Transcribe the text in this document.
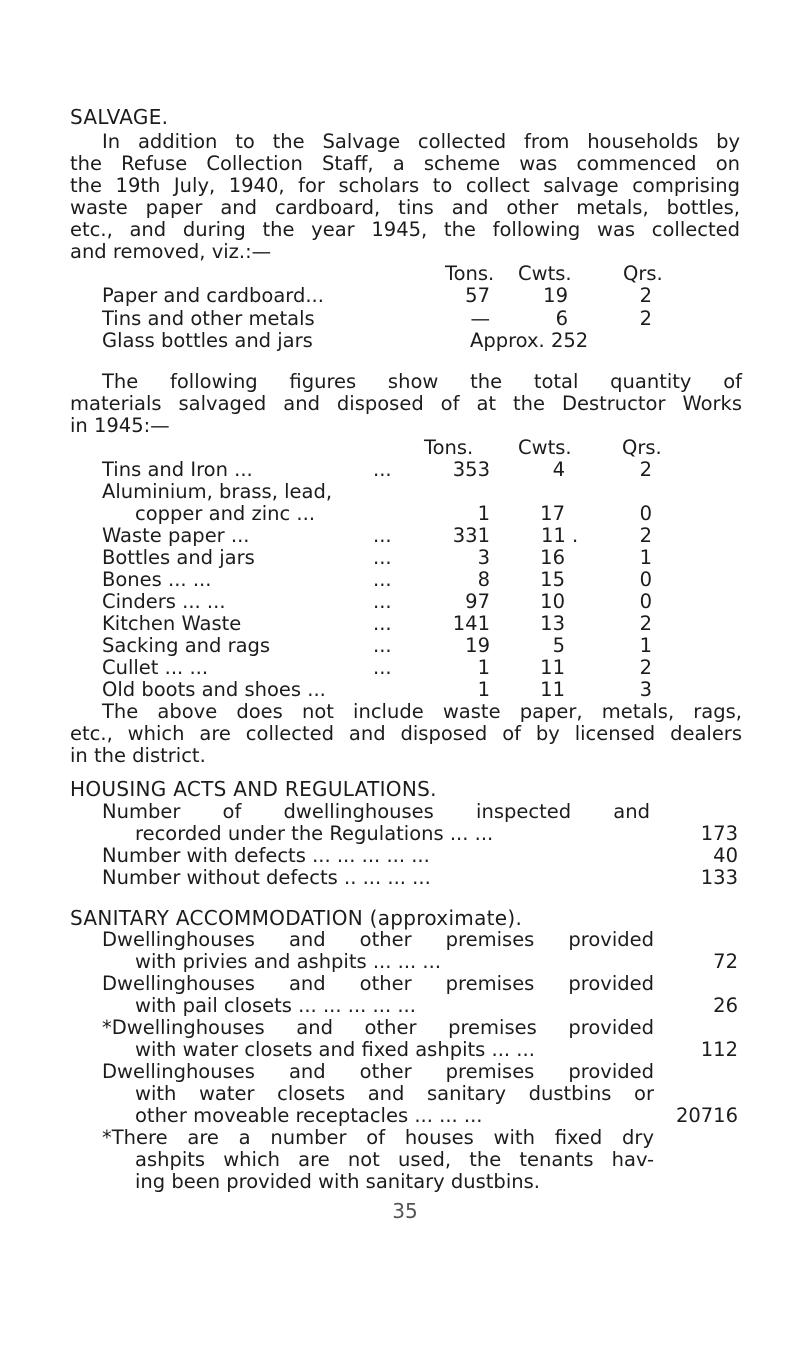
SALVAGE.

In addition to the Salvage collected from households by

the Refuse Collection Staff, a scheme was commenced on

the 19th July, 1940, for scholars to collect salvage comprising

waste paper and cardboard, tins and other metals, bottles,

etc., and during the year 1945, the following was collected

and removed, viz.:—

Tons. Cwts.	Qrs.
Paper and cardboard...	57	19	2
Tins and other metals	—	6	2
Glass bottles and jars	Approx. 252

The following figures show the total quantity of

materials salvaged and disposed of at the Destructor Works

in 1945:—

Tons. Cwts.	Qrs.
Tins and Iron ...	...	353	4	2
Aluminium, brass, lead,
copper and zinc ...	1	17	0
Waste paper ...	...	331	11 .	2
Bottles and jars	...	3	16	1
Bones ... ...	...	8	15	0
Cinders ... ...	...	97	10	0
Kitchen Waste	...	141	13	2
Sacking and rags	...	19	5	1
Cullet ... ...	...	1	11	2
Old boots and shoes ...	1	11	3

The above does not include waste paper, metals, rags,

etc., which are collected and disposed of by licensed dealers

in the district.

HOUSING ACTS AND REGULATIONS.
Number of dwellinghouses inspected and
recorded under the Regulations ... ...	173
Number with defects ... ... ... ... ...	40
Number without defects .. ... ... ...	133
SANITARY ACCOMMODATION (approximate).
Dwellinghouses and other premises provided
with privies and ashpits ... ... ...	72
Dwellinghouses and other premises provided
with pail closets ... ... ... ... ...	26
*Dwellinghouses and other premises provided
with water closets and fixed ashpits ... ...	112
Dwellinghouses and other premises provided
with water closets and sanitary dustbins or
other moveable receptacles ... ... ...	20716
*There are a number of houses with fixed dry
ashpits which are not used, the tenants hav-
ing been provided with sanitary dustbins.
35
